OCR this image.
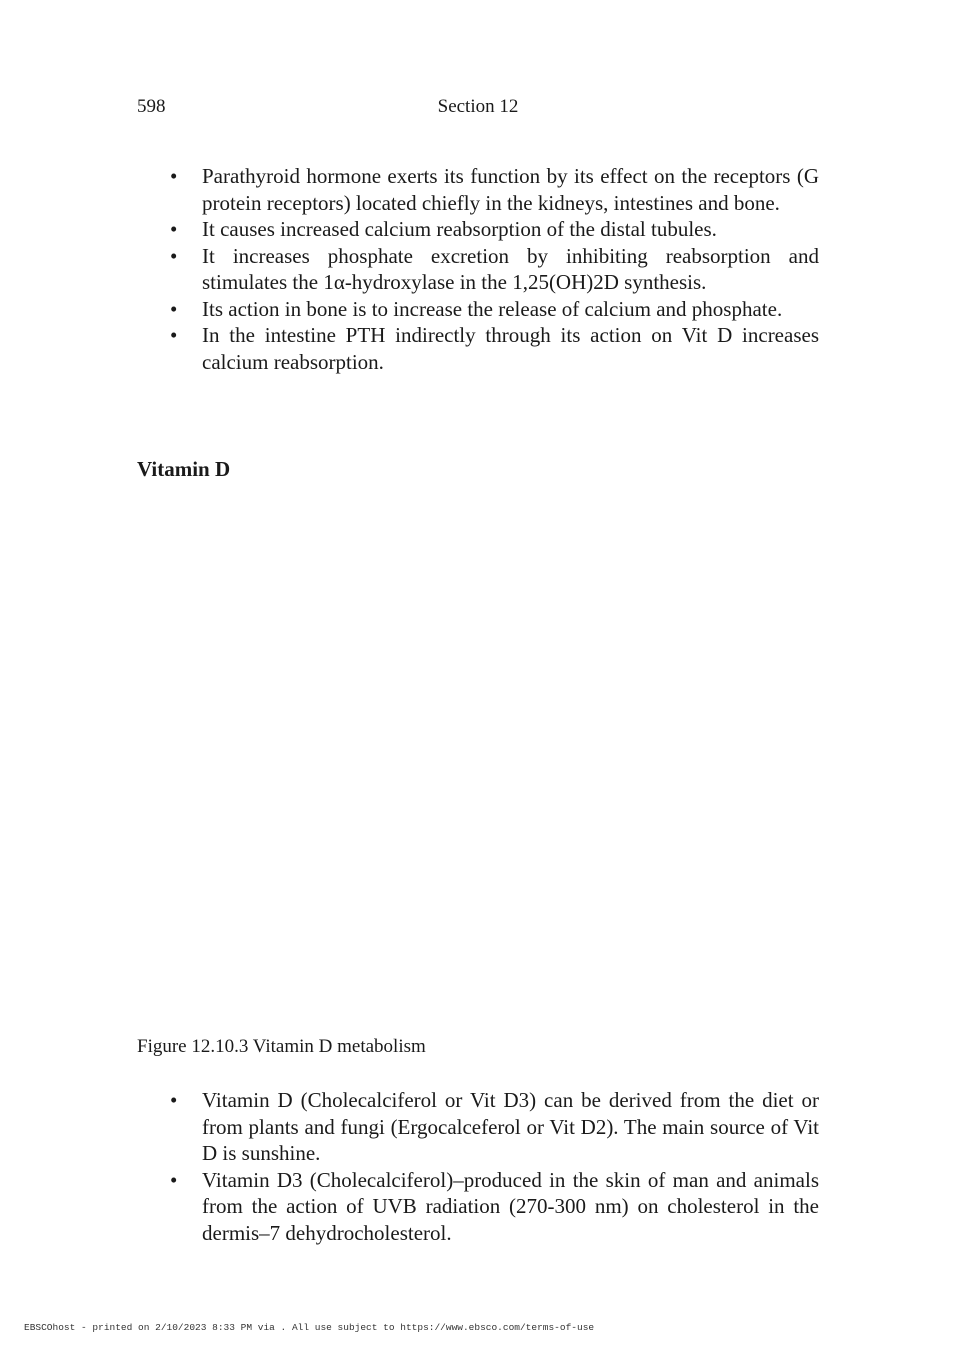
598	Section 12
• Parathyroid hormone exerts its function by its effect on the receptors (G protein receptors) located chiefly in the kidneys, intestines and bone.
• It causes increased calcium reabsorption of the distal tubules.
• It increases phosphate excretion by inhibiting reabsorption and stimulates the 1α-hydroxylase in the 1,25(OH)2D synthesis.
• Its action in bone is to increase the release of calcium and phosphate.
• In the intestine PTH indirectly through its action on Vit D increases calcium reabsorption.
Vitamin D
Figure 12.10.3 Vitamin D metabolism
• Vitamin D (Cholecalciferol or Vit D3) can be derived from the diet or from plants and fungi (Ergocalceferol or Vit D2). The main source of Vit D is sunshine.
• Vitamin D3 (Cholecalciferol)–produced in the skin of man and animals from the action of UVB radiation (270-300 nm) on cholesterol in the dermis–7 dehydrocholesterol.
EBSCOhost - printed on 2/10/2023 8:33 PM via . All use subject to https://www.ebsco.com/terms-of-use
